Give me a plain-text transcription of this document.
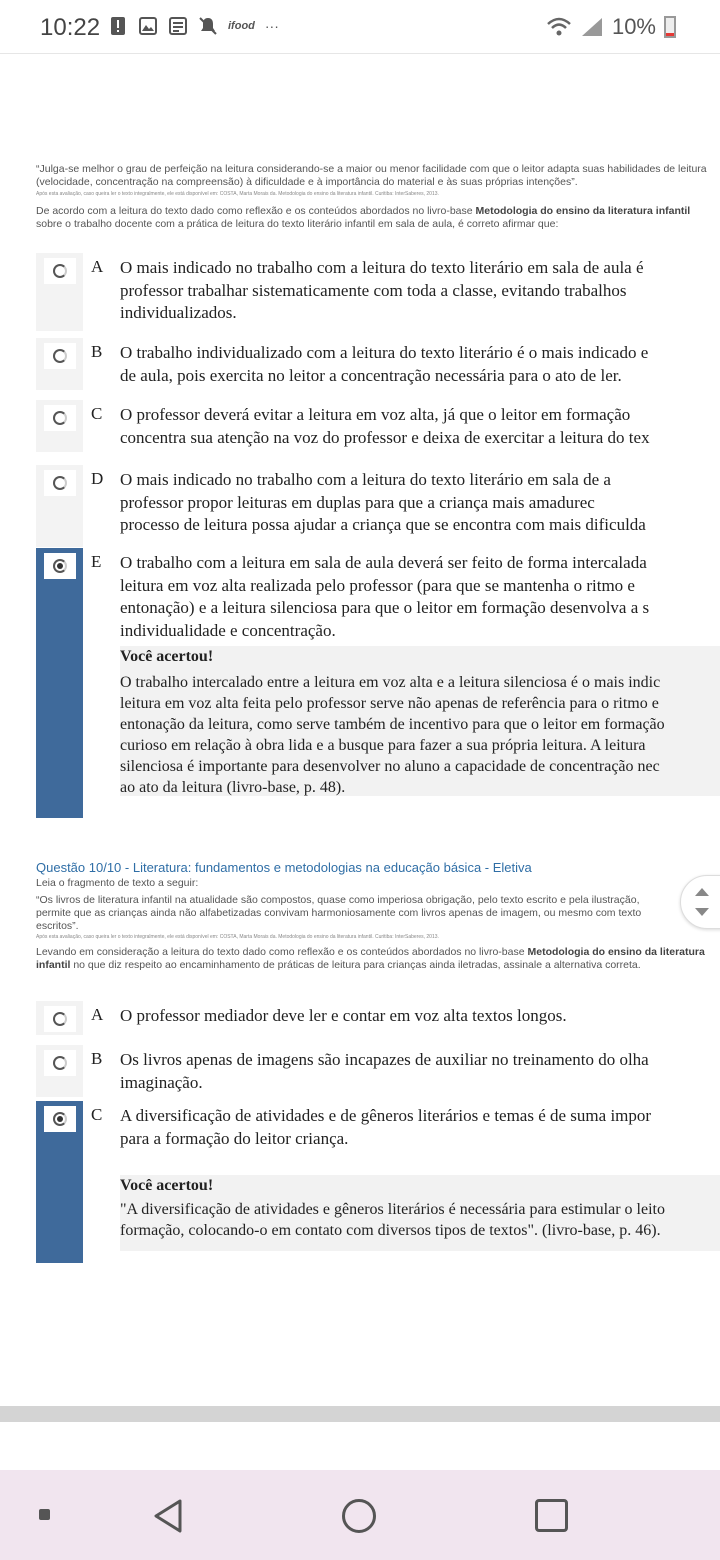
10:22	ifood ···	10%

“Julga-se melhor o grau de perfeição na leitura considerando-se a maior ou menor facilidade com que o leitor adapta suas habilidades de leitura (velocidade, concentração na compreensão) à dificuldade e à importância do material e às suas próprias intenções”.

Após esta avaliação, caso queira ler o texto integralmente, ele está disponível em: COSTA, Marta Morais da. Metodologia do ensino da literatura infantil. Curitiba: InterSaberes, 2013.

De acordo com a leitura do texto dado como reflexão e os conteúdos abordados no livro-base Metodologia do ensino da literatura infantil sobre o trabalho docente com a prática de leitura do texto literário infantil em sala de aula, é correto afirmar que:

A O mais indicado no trabalho com a leitura do texto literário em sala de aula é
professor trabalhar sistematicamente com toda a classe, evitando trabalhos
individualizados.
B O trabalho individualizado com a leitura do texto literário é o mais indicado e
de aula, pois exercita no leitor a concentração necessária para o ato de ler.
C O professor deverá evitar a leitura em voz alta, já que o leitor em formação
concentra sua atenção na voz do professor e deixa de exercitar a leitura do tex
D O mais indicado no trabalho com a leitura do texto literário em sala de a
professor propor leituras em duplas para que a criança mais amadurec
processo de leitura possa ajudar a criança que se encontra com mais dificulda
E O trabalho com a leitura em sala de aula deverá ser feito de forma intercalada
leitura em voz alta realizada pelo professor (para que se mantenha o ritmo e
entonação) e a leitura silenciosa para que o leitor em formação desenvolva a s
individualidade e concentração.
Você acertou!
O trabalho intercalado entre a leitura em voz alta e a leitura silenciosa é o mais indic
leitura em voz alta feita pelo professor serve não apenas de referência para o ritmo e
entonação da leitura, como serve também de incentivo para que o leitor em formação
curioso em relação à obra lida e a busque para fazer a sua própria leitura. A leitura
silenciosa é importante para desenvolver no aluno a capacidade de concentração nec
ao ato da leitura (livro-base, p. 48).
Questão 10/10 - Literatura: fundamentos e metodologias na educação básica - Eletiva
Leia o fragmento de texto a seguir:

“Os livros de literatura infantil na atualidade são compostos, quase como imperiosa obrigação, pelo texto escrito e pela ilustração, permite que as crianças ainda não alfabetizadas convivam harmoniosamente com livros apenas de imagem, ou mesmo com texto escritos”.

Após esta avaliação, caso queira ler o texto integralmente, ele está disponível em: COSTA, Marta Morais da. Metodologia do ensino da literatura infantil. Curitiba: InterSaberes, 2013.

Levando em consideração a leitura do texto dado como reflexão e os conteúdos abordados no livro-base Metodologia do ensino da literatura infantil no que diz respeito ao encaminhamento de práticas de leitura para crianças ainda iletradas, assinale a alternativa correta.

A O professor mediador deve ler e contar em voz alta textos longos.
B Os livros apenas de imagens são incapazes de auxiliar no treinamento do olha
imaginação.
C A diversificação de atividades e de gêneros literários e temas é de suma impor
para a formação do leitor criança.
Você acertou!
"A diversificação de atividades e gêneros literários é necessária para estimular o leito
formação, colocando-o em contato com diversos tipos de textos". (livro-base, p. 46).
